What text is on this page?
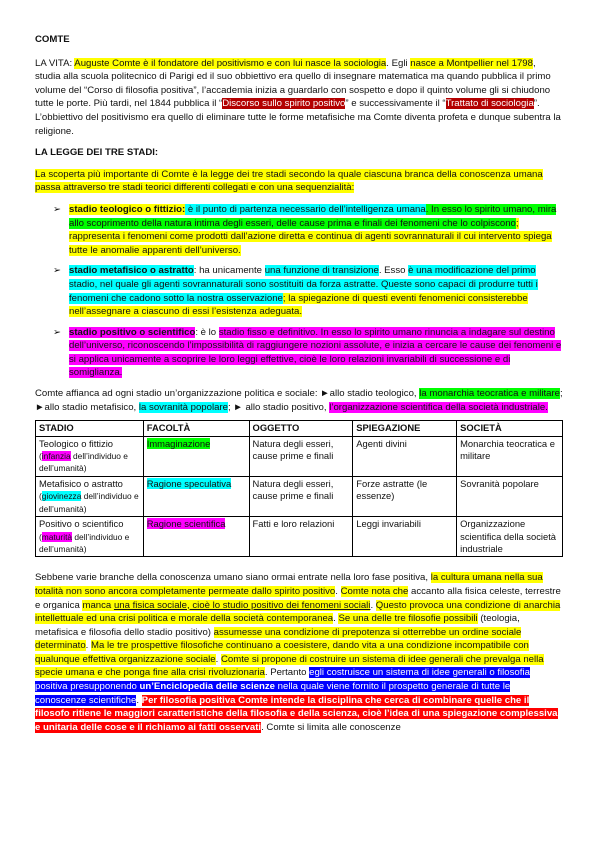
COMTE

LA VITA: Auguste Comte è il fondatore del positivismo e con lui nasce la sociologia. Egli nasce a Montpellier nel 1798, studia alla scuola politecnico di Parigi ed il suo obbiettivo era quello di insegnare matematica ma quando pubblica il primo volume del “Corso di filosofia positiva”, l’accademia inizia a guardarlo con sospetto e dopo il quinto volume gli si chiudono tutte le porte. Più tardi, nel 1844 pubblica il “Discorso sullo spirito positivo” e successivamente il “Trattato di sociologia”. L’obbiettivo del positivismo era quello di eliminare tutte le forme metafisiche ma Comte diventa profeta e dunque subentra la religione.

LA LEGGE DEI TRE STADI:

La scoperta più importante di Comte è la legge dei tre stadi secondo la quale ciascuna branca della conoscenza umana passa attraverso tre stadi teorici differenti collegati e con una sequenzialità:

➢ stadio teologico o fittizio: è il punto di partenza necessario dell’intelligenza umana. In esso lo spirito umano, mira allo scoprimento della natura intima degli esseri, delle cause prima e finali dei fenomeni che lo colpiscono; rappresenta i fenomeni come prodotti dall’azione diretta e continua di agenti sovrannaturali il cui intervento spiega tutte le anomalie apparenti dell’universo.
➢ stadio metafisico o astratto: ha unicamente una funzione di transizione. Esso è una modificazione del primo stadio, nel quale gli agenti sovrannaturali sono sostituiti da forza astratte. Queste sono capaci di produrre tutti i fenomeni che cadono sotto la nostra osservazione; la spiegazione di questi eventi fenomenici consisterebbe nell’assegnare a ciascuno di essi l’esistenza adeguata.
➢ stadio positivo o scientifico: è lo stadio fisso e definitivo. In esso lo spirito umano rinuncia a indagare sul destino dell’universo, riconoscendo l’impossibilità di raggiungere nozioni assolute, e inizia a cercare le cause dei fenomeni e si applica unicamente a scoprire le loro leggi effettive, cioè le loro relazioni invariabili di successione e di somiglianza.

Comte affianca ad ogni stadio un’organizzazione politica e sociale: ►allo stadio teologico, la monarchia teocratica e militare; ►allo stadio metafisico, la sovranità popolare; ► allo stadio positivo, l’organizzazione scientifica della società industriale.

STADIO	FACOLTÀ	OGGETTO	SPIEGAZIONE	SOCIETÀ
Teologico o fittizio
(infanzia dell’individuo e dell’umanità)	Immaginazione	Natura degli esseri, cause prime e finali	Agenti divini	Monarchia teocratica e militare
Metafisico o astratto
(giovinezza dell’individuo e dell’umanità)	Ragione speculativa	Natura degli esseri, cause prime e finali	Forze astratte (le essenze)	Sovranità popolare
Positivo o scientifico
(maturità dell’individuo e dell’umanità)	Ragione scientifica	Fatti e loro relazioni	Leggi invariabili	Organizzazione scientifica della società industriale

Sebbene varie branche della conoscenza umano siano ormai entrate nella loro fase positiva, la cultura umana nella sua totalità non sono ancora completamente permeate dallo spirito positivo. Comte nota che accanto alla fisica celeste, terrestre e organica manca una fisica sociale, cioè lo studio positivo dei fenomeni sociali. Questo provoca una condizione di anarchia intellettuale ed una crisi politica e morale della società contemporanea. Se una delle tre filosofie possibili (teologia, metafisica e filosofia dello stadio positivo) assumesse una condizione di prepotenza si otterrebbe un ordine sociale determinato. Ma le tre prospettive filosofiche continuano a coesistere, dando vita a una condizione incompatibile con qualunque effettiva organizzazione sociale. Comte si propone di costruire un sistema di idee generali che prevalga nella specie umana e che ponga fine alla crisi rivoluzionaria. Pertanto egli costruisce un sistema di idee generali o filosofia positiva presupponendo un’Enciclopedia delle scienze nella quale viene fornito il prospetto generale di tutte le conoscenze scientifiche. Per filosofia positiva Comte intende la disciplina che cerca di combinare quelle che il filosofo ritiene le maggiori caratteristiche della filosofia e della scienza, cioè l’idea di una spiegazione complessiva e unitaria delle cose e il richiamo ai fatti osservati. Comte si limita alle conoscenze
